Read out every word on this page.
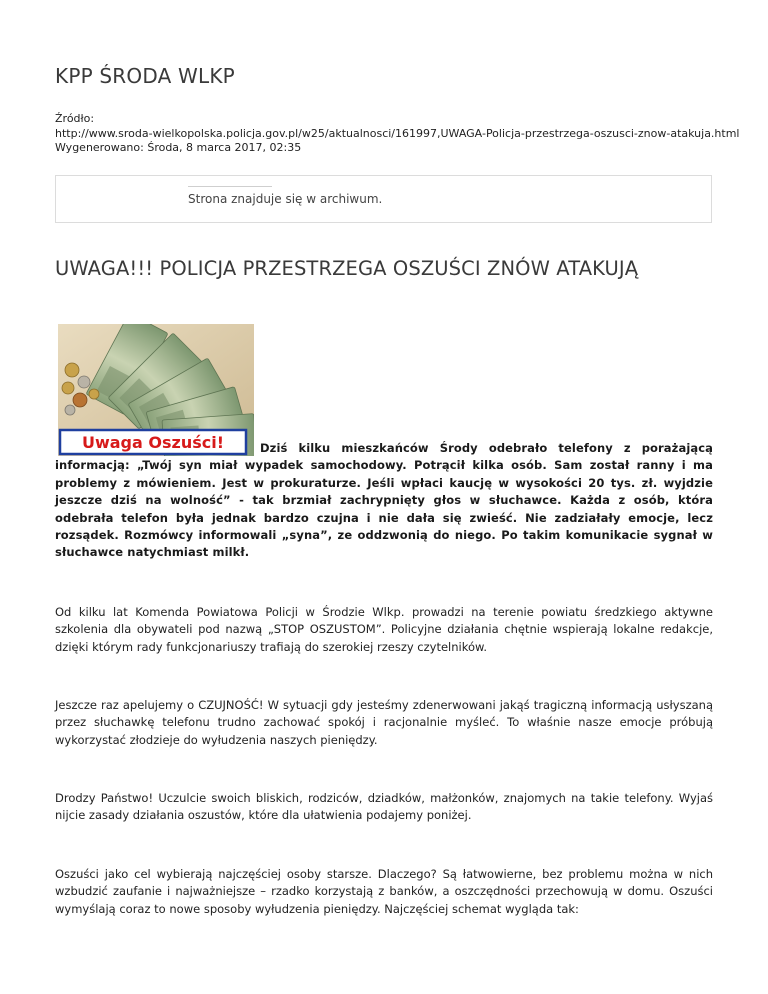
KPP ŚRODA WLKP
Źródło:
http://www.sroda-wielkopolska.policja.gov.pl/w25/aktualnosci/161997,UWAGA-Policja-przestrzega-oszusci-znow-atakuja.html
Wygenerowano: Środa, 8 marca 2017, 02:35
Strona znajduje się w archiwum.
UWAGA!!! POLICJA PRZESTRZEGA OSZUŚCI ZNÓW ATAKUJĄ
Uwaga Oszuści!	Dziś kilku mieszkańców Środy odebrało telefony z porażającą informacją: „Twój syn miał wypadek samochodowy. Potrącił kilka osób. Sam został ranny i ma problemy z mówieniem. Jest w prokuraturze. Jeśli wpłaci kaucję w wysokości 20 tys. zł. wyjdzie jeszcze dziś na wolność” - tak brzmiał zachrypnięty głos w słuchawce. Każda z osób, która odebrała telefon była jednak bardzo czujna i nie dała się zwieść. Nie zadziałały emocje, lecz rozsądek. Rozmówcy informowali „syna”, ze oddzwonią do niego. Po takim komunikacie sygnał w słuchawce natychmiast milkł.
Od kilku lat Komenda Powiatowa Policji w Środzie Wlkp. prowadzi na terenie powiatu średzkiego aktywne szkolenia dla obywateli pod nazwą „STOP OSZUSTOM”. Policyjne działania chętnie wspierają lokalne redakcje, dzięki którym rady funkcjonariuszy trafiają do szerokiej rzeszy czytelników.
Jeszcze raz apelujemy o CZUJNOŚĆ! W sytuacji gdy jesteśmy zdenerwowani jakąś tragiczną informacją usłyszaną przez słuchawkę telefonu trudno zachować spokój i racjonalnie myśleć. To właśnie nasze emocje próbują wykorzystać złodzieje do wyłudzenia naszych pieniędzy.
Drodzy Państwo! Uczulcie swoich bliskich, rodziców, dziadków, małżonków, znajomych na takie telefony. Wyjaś nijcie zasady działania oszustów, które dla ułatwienia podajemy poniżej.
Oszuści jako cel wybierają najczęściej osoby starsze. Dlaczego? Są łatwowierne, bez problemu można w nich wzbudzić zaufanie i najważniejsze – rzadko korzystają z banków, a oszczędności przechowują w domu. Oszuści wymyślają coraz to nowe sposoby wyłudzenia pieniędzy. Najczęściej schemat wygląda tak:
